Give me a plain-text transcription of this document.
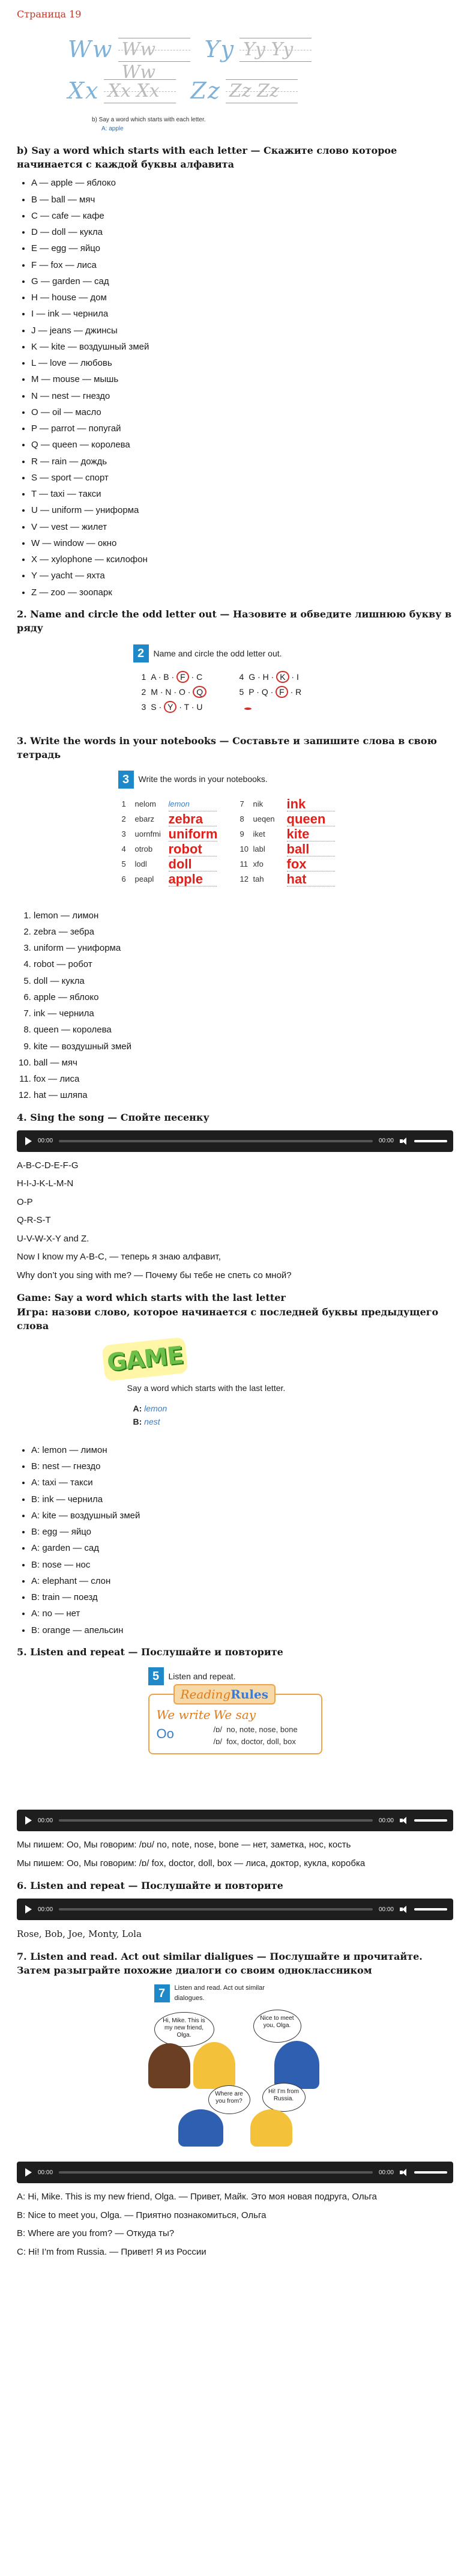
Страница 19
Ww Ww Ww
Yy Yy Yy
Xx Xx Xx	Zz Zz Zz
b) Say a word which starts with each letter.
A: apple
b) Say a word which starts with each letter — Скажите слово которое начинается с каждой буквы алфавита
• A — apple — яблоко
• B — ball — мяч
• C — cafe — кафе
• D — doll — кукла
• E — egg — яйцо
• F — fox — лиса
• G — garden — сад
• H — house — дом
• I — ink — чернила
• J — jeans — джинсы
• K — kite — воздушный змей
• L — love — любовь
• M — mouse — мышь
• N — nest — гнездо
• O — oil — масло
• P — parrot — попугай
• Q — queen — королева
• R — rain — дождь
• S — sport — спорт
• T — taxi — такси
• U — uniform — униформа
• V — vest — жилет
• W — window — окно
• X — xylophone — ксилофон
• Y — yacht — яхта
• Z — zoo — зоопарк
2. Name and circle the odd letter out — Назовите и обведите лишнюю букву в ряду
2	Name and circle the odd letter out.
1 A · B · F · C	4 G · H · K · I
2 M · N · O · Q	5 P · Q · F · R
3 S · Y · T · U
3. Write the words in your notebooks — Составьте и запишите слова в свою тетрадь
3	Write the words in your notebooks.
1	nelom	lemon
2	ebarz	zebra
3	uornfmi uniform
4	otrob	robot
5	lodl	doll
6	peapl	apple
7	nik	ink
8	ueqen queen
9	iket	kite
10 labl	ball
11 xfo	fox
12 tah	hat
1. lemon — лимон
2. zebra — зебра
3. uniform — униформа
4. robot — робот
5. doll — кукла
6. apple — яблоко
7. ink — чернила
8. queen — королева
9. kite — воздушный змей
10. ball — мяч
11. fox — лиса
12. hat — шляпа
4. Sing the song — Спойте песенку
00:00	00:00
A-B-C-D-E-F-G
H-I-J-K-L-M-N
O-P
Q-R-S-T
U-V-W-X-Y and Z.
Now I know my A-B-C, — теперь я знаю алфавит,
Why don’t you sing with me? — Почему бы тебе не спеть со мной?
Game: Say a word which starts with the last letter
Игра: назови слово, которое начинается с последней буквы предыдущего слова
GAME
Say a word which starts with the last letter.
A: lemon
B: nest
• A: lemon — лимон
• B: nest — гнездо
• A: taxi — такси
• B: ink — чернила
• A: kite — воздушный змей
• B: egg — яйцо
• A: garden — сад
• B: nose — нос
• A: elephant — слон
• B: train — поезд
• A: no — нет
• B: orange — апельсин
5. Listen and repeat — Послушайте и повторите
5	Listen and repeat.
ReadingRules
We write We say
Oo	/ɒ/ no, note, nose, bone
/ɒ/ fox, doctor, doll, box
00:00	00:00
Мы пишем: Oo, Мы говорим: /ɒʊ/ no, note, nose, bone — нет, заметка, нос, кость
Мы пишем: Oo, Мы говорим: /ɒ/ fox, doctor, doll, box — лиса, доктор, кукла, коробка
6. Listen and repeat — Послушайте и повторите
00:00	00:00
Rose, Bob, Joe, Monty, Lola
7. Listen and read. Act out similar dialigues — Послушайте и прочитайте. Затем разыграйте похожие диалоги со своим одноклассником
7	Listen and read. Act out similar dialogues.
Hi, Mike. This is my new friend, Olga.
Nice to meet you, Olga.
Where are you from?
Hi! I’m from Russia.
00:00	00:00
A: Hi, Mike. This is my new friend, Olga. — Привет, Майк. Это моя новая подруга, Ольга
B: Nice to meet you, Olga. — Приятно познакомиться, Ольга
B: Where are you from? — Откуда ты?
C: Hi! I’m from Russia. — Привет! Я из России
